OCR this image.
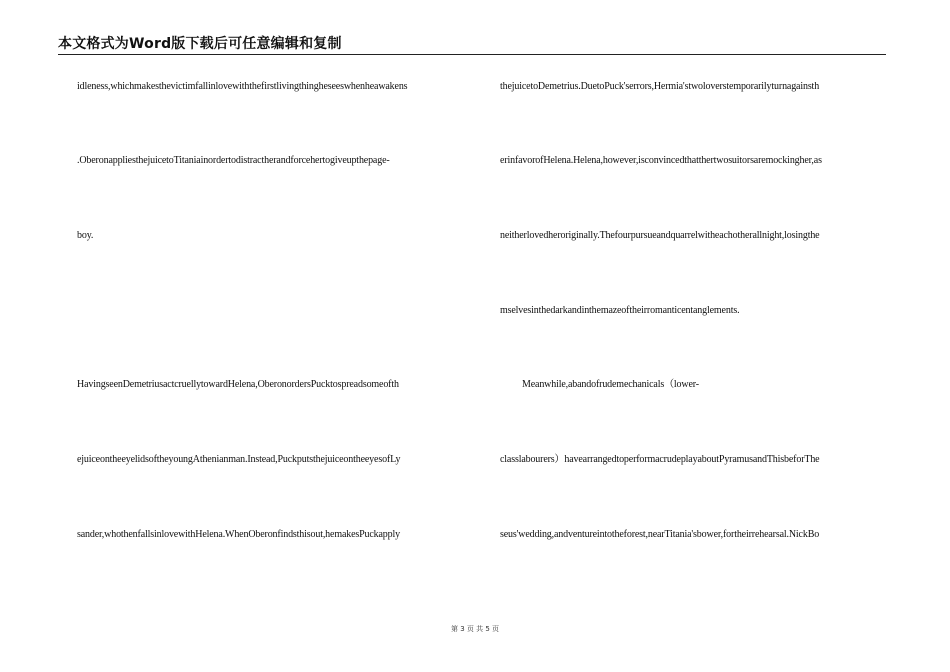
本文格式为Word版下载后可任意编辑和复制
idleness,whichmakesthevictimfallinlovewiththefirstlivingthingheseeswhenheawakens
.OberonappliesthejuicetoTitaniainordertodistractherandforcehertogiveupthepage-
boy.
HavingseenDemetriusactcruellytowardHelena,OberonordersPucktospreadsomeofth
ejuiceontheeyelidsoftheyoungAthenianman.Instead,PuckputsthejuiceontheeyesofLy
sander,whothenfallsinlovewithHelena.WhenOberonfindsthisout,hemakesPuckapply
thejuicetoDemetrius.DuetoPuck'serrors,Hermia'stwoloverstemporarilyturnagainsth
erinfavorofHelena.Helena,however,isconvincedthatthertwosuitorsaremockingher,as
neitherlovedheroriginally.Thefourpursueandquarrelwitheachotherallnight,losingthe
mselvesinthedarkandinthemazeoftheirromanticentanglements.
Meanwhile,abandofrudemechanicals（lower-
classlabourers）havearrangedtoperformacrudeplayaboutPyramusandThisbeforThe
seus'wedding,andventureintotheforest,nearTitania'sbower,fortheirrehearsal.NickBo
第 3 页 共 5 页
